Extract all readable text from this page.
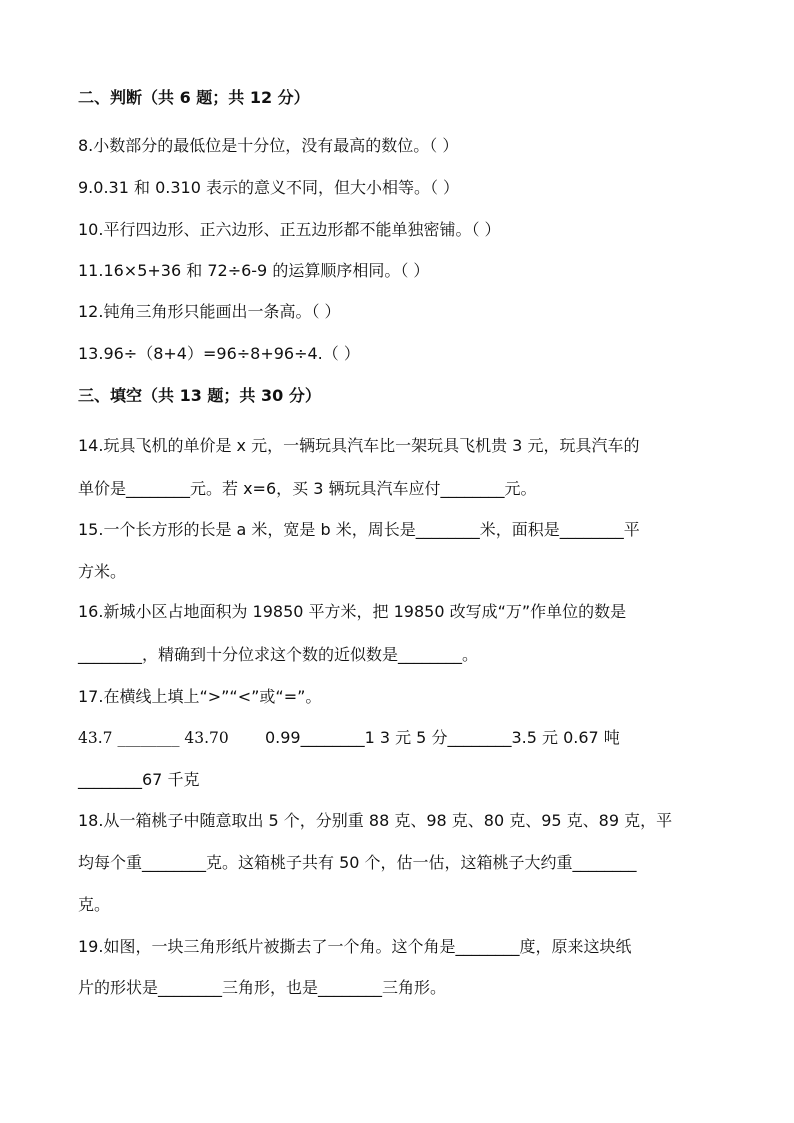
二、判断（共 6 题；共 12 分）
8.小数部分的最低位是十分位，没有最高的数位。（ ）
9.0.31 和 0.310 表示的意义不同，但大小相等。（ ）
10.平行四边形、正六边形、正五边形都不能单独密铺。（ ）
11.16×5+36 和 72÷6-9 的运算顺序相同。（ ）
12.钝角三角形只能画出一条高。（ ）
13.96÷（8+4）=96÷8+96÷4.（ ）
三、填空（共 13 题；共 30 分）
14.玩具飞机的单价是 x 元，一辆玩具汽车比一架玩具飞机贵 3 元，玩具汽车的
单价是________元。若 x=6，买 3 辆玩具汽车应付________元。
15.一个长方形的长是 a 米，宽是 b 米，周长是________米，面积是________平
方米。
16.新城小区占地面积为 19850 平方米，把 19850 改写成“万”作单位的数是
________，精确到十分位求这个数的近似数是________。
17.在横线上填上“>”“<”或“=”。
43.7 ________ 43.70 0.99________1 3 元 5 分________3.5 元 0.67 吨
________67 千克
18.从一箱桃子中随意取出 5 个，分别重 88 克、98 克、80 克、95 克、89 克，平
均每个重________克。这箱桃子共有 50 个，估一估，这箱桃子大约重________
克。
19.如图，一块三角形纸片被撕去了一个角。这个角是________度，原来这块纸
片的形状是________三角形，也是________三角形。
